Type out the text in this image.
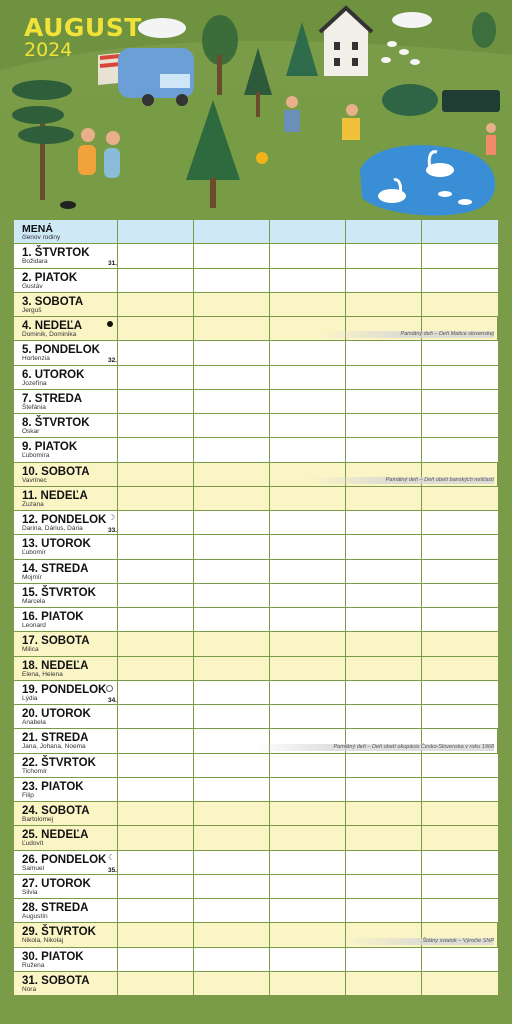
AUGUST
2024
MENÁ
členov rodiny
1. ŠTVRTOK
Božidara	31.
2. PIATOK
Gustáv
3. SOBOTA
Jerguš
4. NEDEĽA
Dominik, Dominika	Pamätný deň – Deň Matice slovenskej
5. PONDELOK
Hortenzia	32.
6. UTOROK
Jozefína
7. STREDA
Štefánia
8. ŠTVRTOK
Oskar
9. PIATOK
Ľubomíra
10. SOBOTA
Vavrinec	Pamätný deň – Deň obetí banských nešťastí
11. NEDEĽA
Zuzana
12. PONDELOK
Darina, Dárius, Dária	33.
☽
13. UTOROK
Ľubomír
14. STREDA
Mojmír
15. ŠTVRTOK
Marcela
16. PIATOK
Leonard
17. SOBOTA
Milica
18. NEDEĽA
Elena, Helena
19. PONDELOK
Lýdia	34.
20. UTOROK
Anabela
21. STREDA
Jana, Johana, Noema	Pamätný deň – Deň obetí okupácie Česko-Slovenska v roku 1968
22. ŠTVRTOK
Tichomír
23. PIATOK
Filip
24. SOBOTA
Bartolomej
25. NEDEĽA
Ľudovít
26. PONDELOK
Samuel	35.
☾
27. UTOROK
Silvia
28. STREDA
Augustín
29. ŠTVRTOK
Nikola, Nikolaj	Štátny sviatok – Výročie SNP
30. PIATOK
Ružena
31. SOBOTA
Nora
